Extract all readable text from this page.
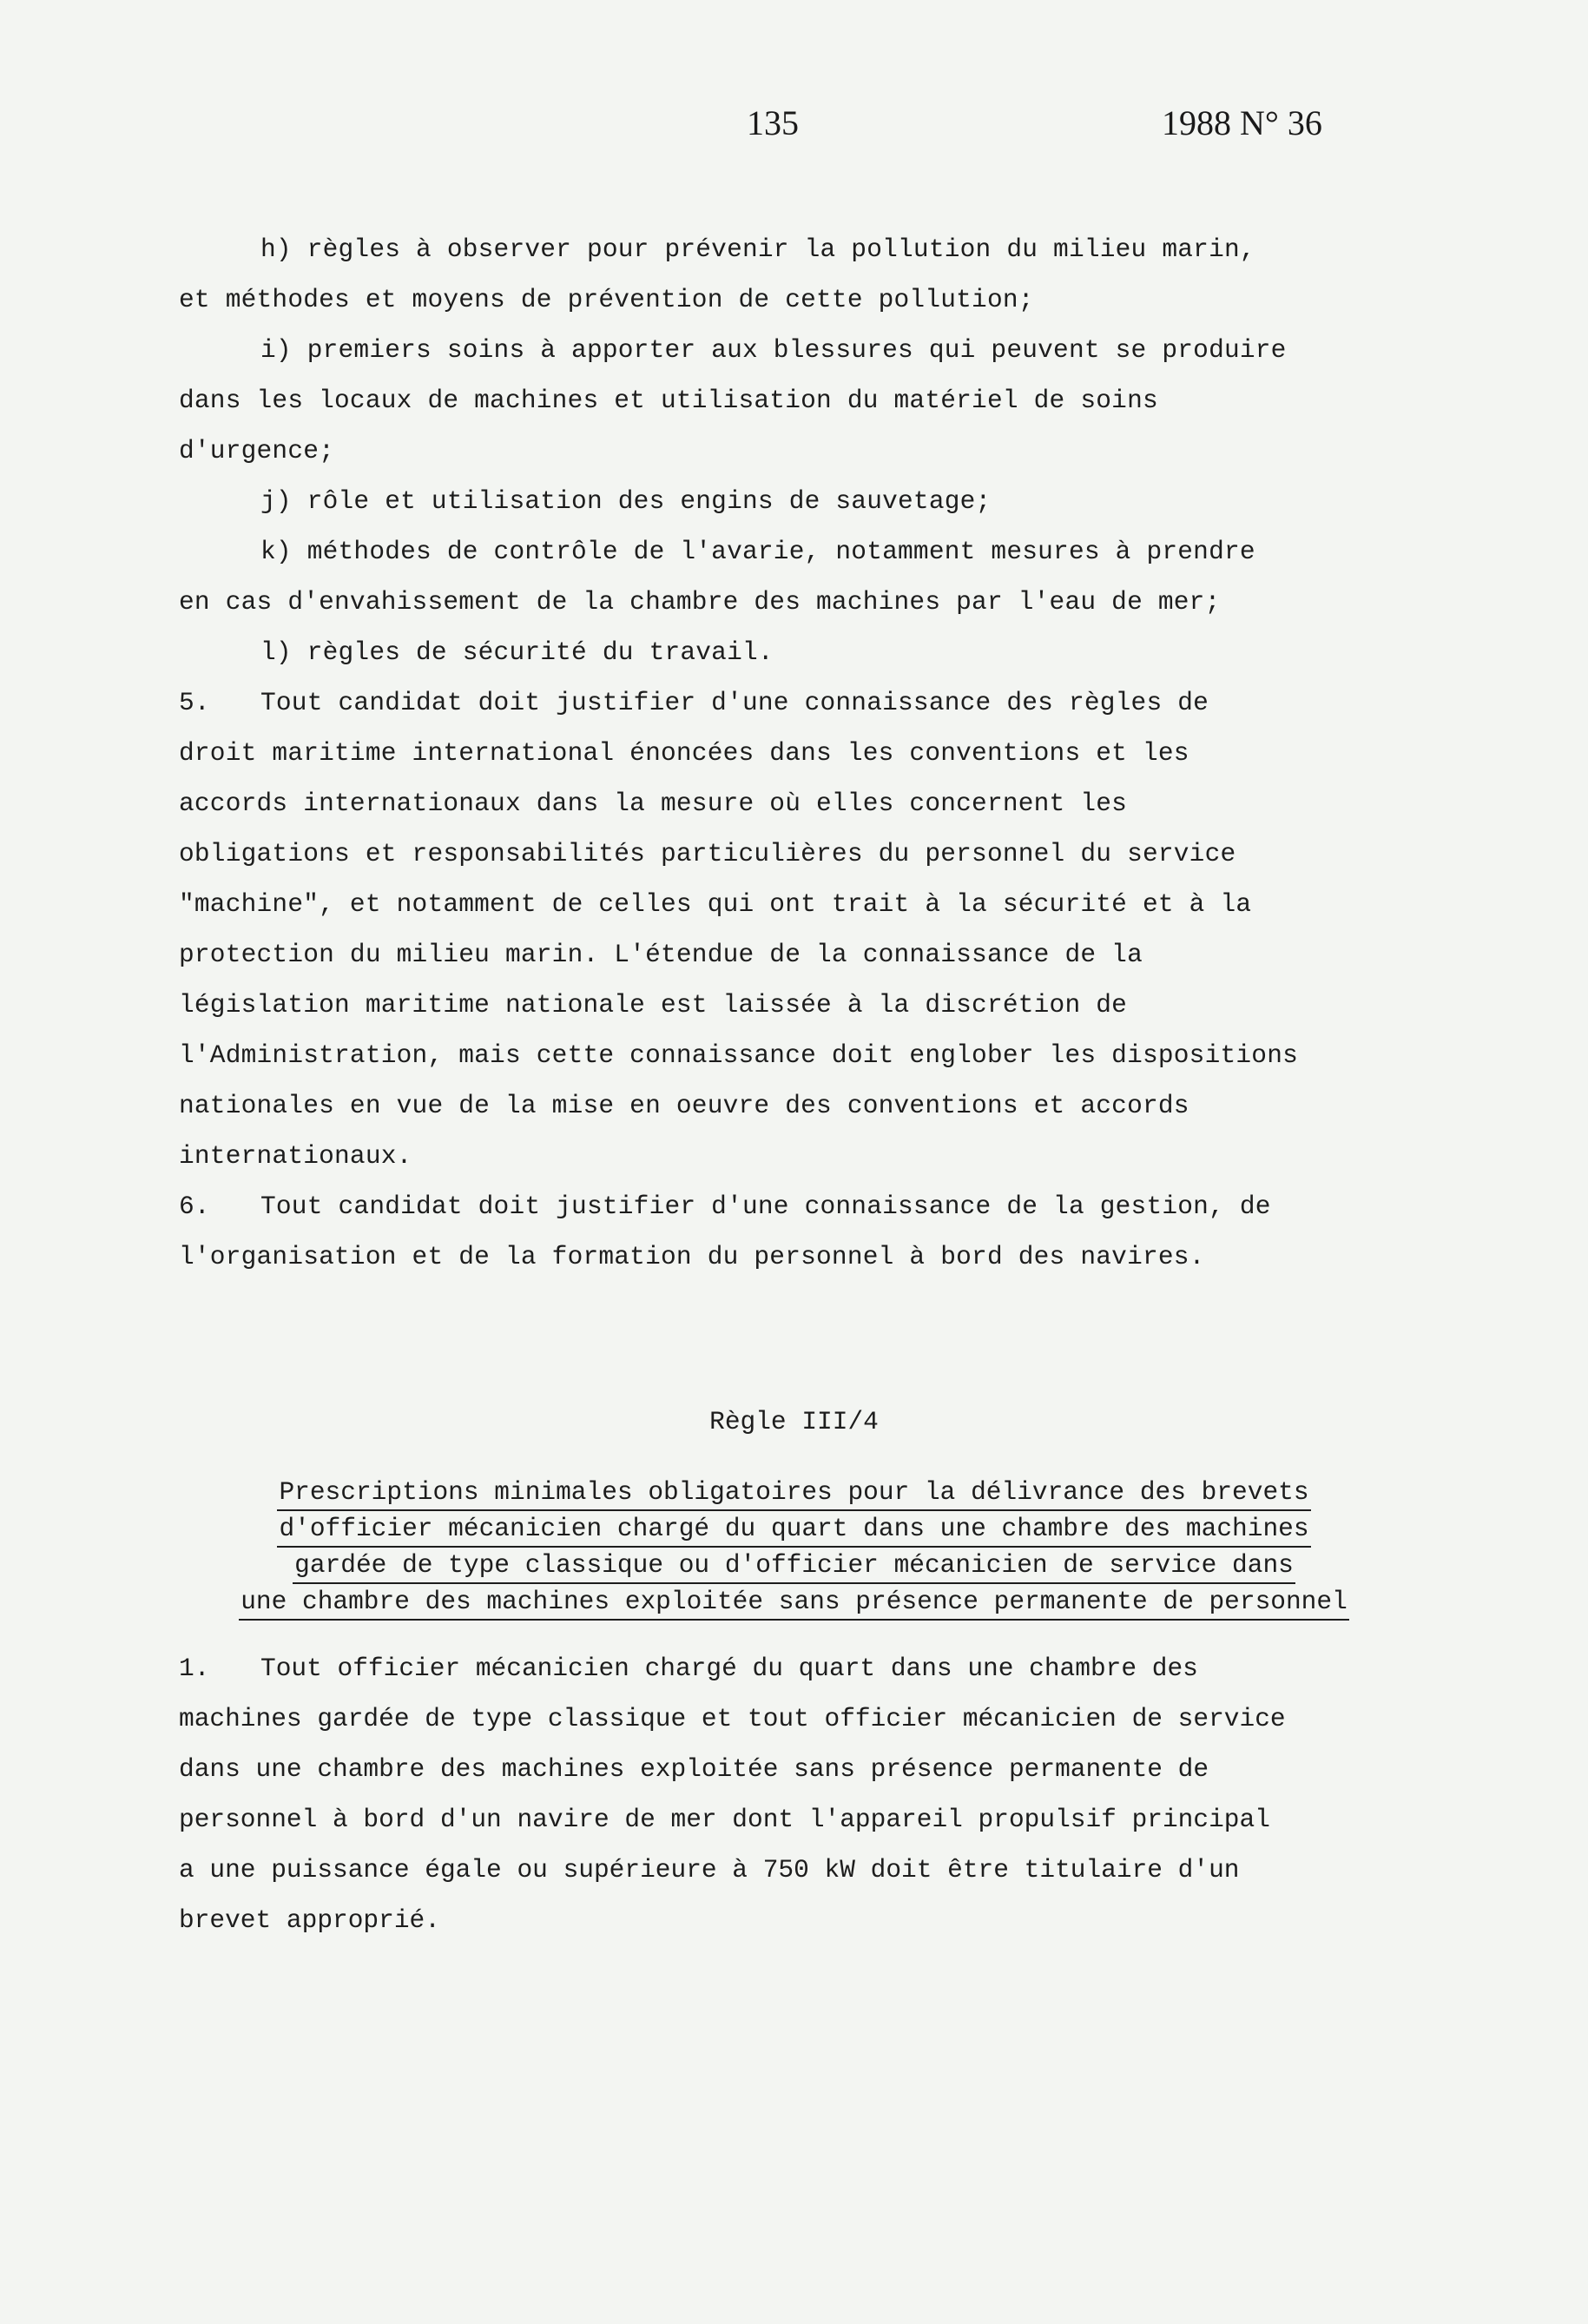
135	1988 N° 36
h) règles à observer pour prévenir la pollution du milieu marin,
et méthodes et moyens de prévention de cette pollution;
i) premiers soins à apporter aux blessures qui peuvent se produire
dans les locaux de machines et utilisation du matériel de soins
d'urgence;
j) rôle et utilisation des engins de sauvetage;
k) méthodes de contrôle de l'avarie, notamment mesures à prendre
en cas d'envahissement de la chambre des machines par l'eau de mer;
l) règles de sécurité du travail.
5. Tout candidat doit justifier d'une connaissance des règles de
droit maritime international énoncées dans les conventions et les
accords internationaux dans la mesure où elles concernent les
obligations et responsabilités particulières du personnel du service
"machine", et notamment de celles qui ont trait à la sécurité et à la
protection du milieu marin. L'étendue de la connaissance de la
législation maritime nationale est laissée à la discrétion de
l'Administration, mais cette connaissance doit englober les dispositions
nationales en vue de la mise en oeuvre des conventions et accords
internationaux.
6. Tout candidat doit justifier d'une connaissance de la gestion, de
l'organisation et de la formation du personnel à bord des navires.
Règle III/4
Prescriptions minimales obligatoires pour la délivrance des brevets
d'officier mécanicien chargé du quart dans une chambre des machines
gardée de type classique ou d'officier mécanicien de service dans
une chambre des machines exploitée sans présence permanente de personnel
1. Tout officier mécanicien chargé du quart dans une chambre des
machines gardée de type classique et tout officier mécanicien de service
dans une chambre des machines exploitée sans présence permanente de
personnel à bord d'un navire de mer dont l'appareil propulsif principal
a une puissance égale ou supérieure à 750 kW doit être titulaire d'un
brevet approprié.
